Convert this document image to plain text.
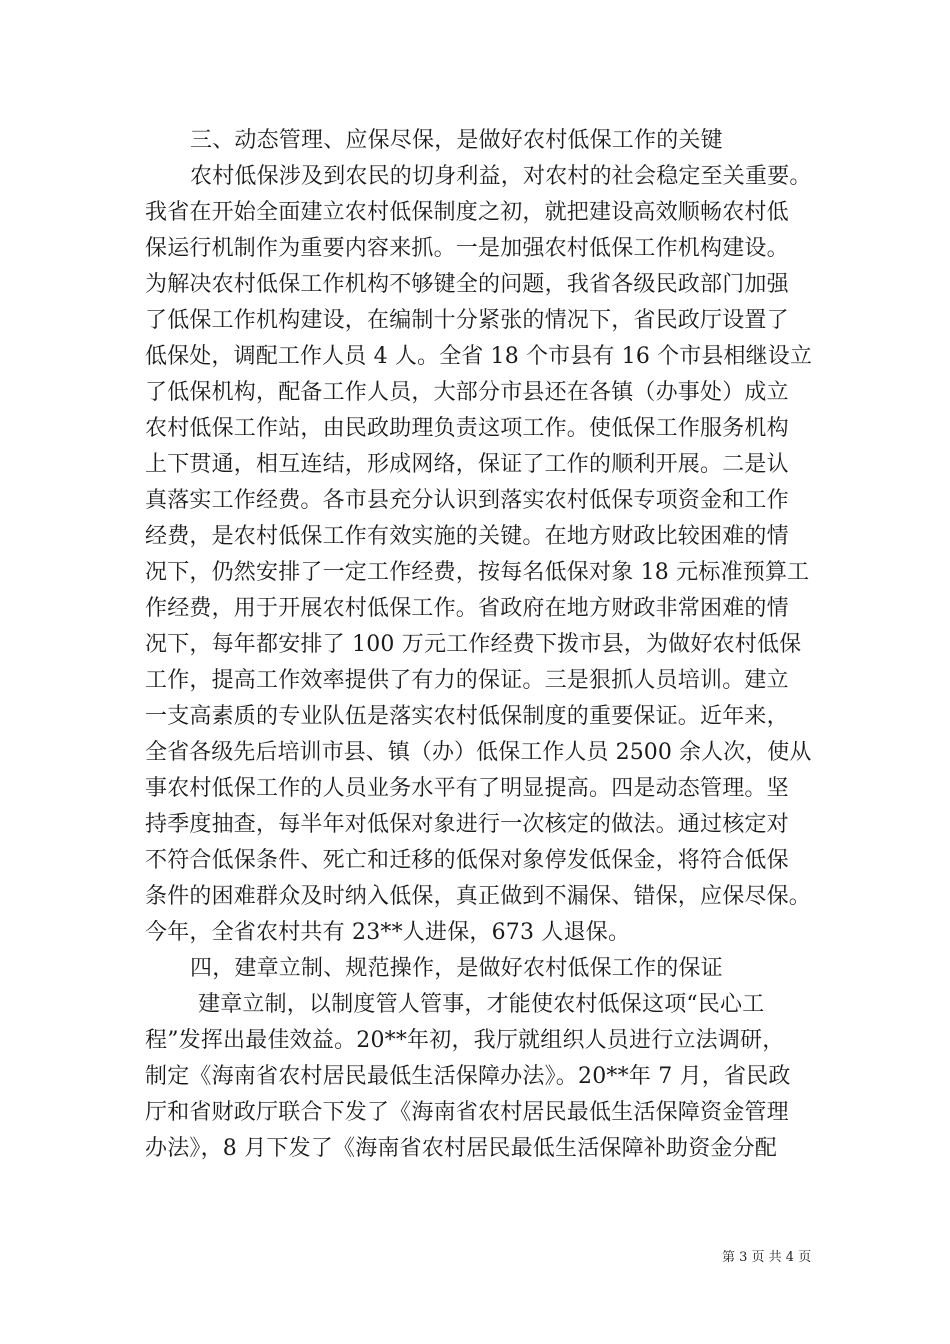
三、动态管理、应保尽保，是做好农村低保工作的关键
农村低保涉及到农民的切身利益，对农村的社会稳定至关重要。
我省在开始全面建立农村低保制度之初，就把建设高效顺畅农村低
保运行机制作为重要内容来抓。一是加强农村低保工作机构建设。
为解决农村低保工作机构不够键全的问题，我省各级民政部门加强
了低保工作机构建设，在编制十分紧张的情况下，省民政厅设置了
低保处，调配工作人员 4 人。全省 18 个市县有 16 个市县相继设立
了低保机构，配备工作人员，大部分市县还在各镇（办事处）成立
农村低保工作站，由民政助理负责这项工作。使低保工作服务机构
上下贯通，相互连结，形成网络，保证了工作的顺利开展。二是认
真落实工作经费。各市县充分认识到落实农村低保专项资金和工作
经费，是农村低保工作有效实施的关键。在地方财政比较困难的情
况下，仍然安排了一定工作经费，按每名低保对象 18 元标准预算工
作经费，用于开展农村低保工作。省政府在地方财政非常困难的情
况下，每年都安排了 100 万元工作经费下拨市县，为做好农村低保
工作，提高工作效率提供了有力的保证。三是狠抓人员培训。建立
一支高素质的专业队伍是落实农村低保制度的重要保证。近年来，
全省各级先后培训市县、镇（办）低保工作人员 2500 余人次，使从
事农村低保工作的人员业务水平有了明显提高。四是动态管理。坚
持季度抽查，每半年对低保对象进行一次核定的做法。通过核定对
不符合低保条件、死亡和迁移的低保对象停发低保金，将符合低保
条件的困难群众及时纳入低保，真正做到不漏保、错保，应保尽保。
今年，全省农村共有 23**人进保，673 人退保。
四，建章立制、规范操作，是做好农村低保工作的保证
建章立制，以制度管人管事，才能使农村低保这项“民心工
程”发挥出最佳效益。20**年初，我厅就组织人员进行立法调研，
制定《海南省农村居民最低生活保障办法》。20**年 7 月，省民政
厅和省财政厅联合下发了《海南省农村居民最低生活保障资金管理
办法》，8 月下发了《海南省农村居民最低生活保障补助资金分配
第 3 页 共 4 页
